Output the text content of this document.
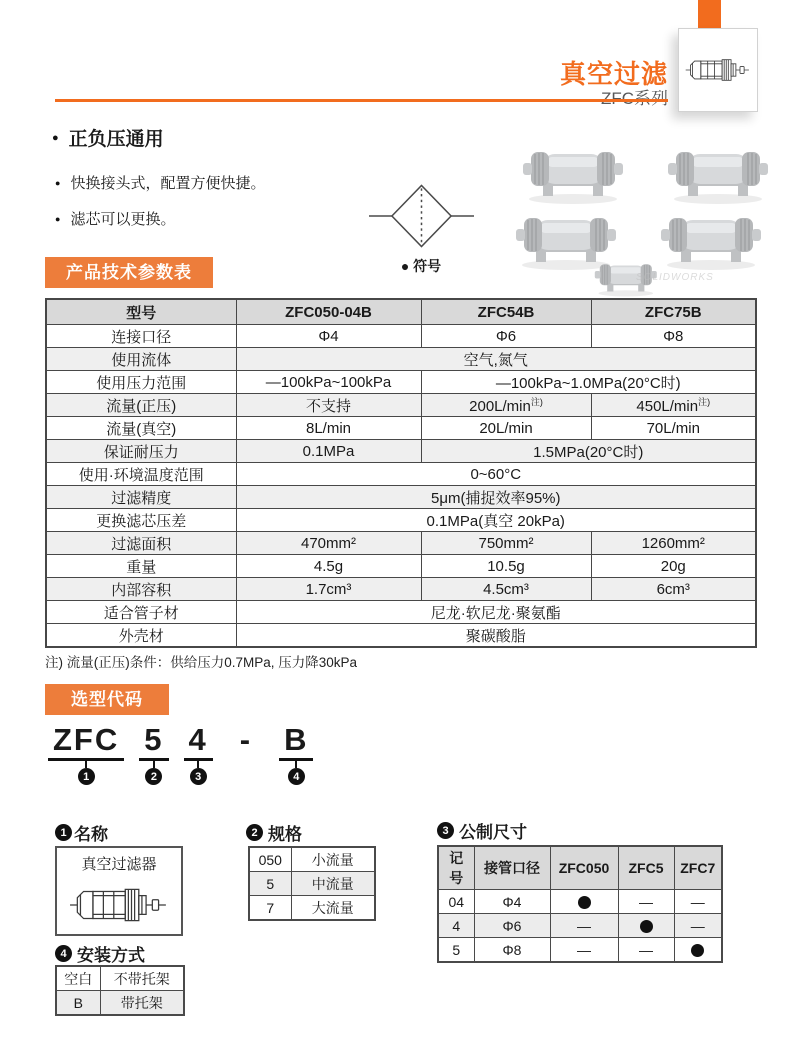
真空过滤
● 正负压通用
● 快换接头式，配置方便快捷。
● 滤芯可以更换。
● 符号
SOLIDWORKS
产品技术参数表
型号	ZFC050-04B	ZFC54B	ZFC75B
连接口径	Φ4	Φ6	Φ8
使用流体	空气,氮气		
使用压力范围	—100kPa~100kPa	—100kPa~1.0MPa(20°C时)	
流量(正压)	不支持	$200L/\min^{注)}$	$450L/\min^{注)}$
流量(真空)	8L/min	20L/min	70L/min
保证耐压力	0.1MPa	1.5MPa(20°C时)	
使用·环境温度范围	0~60°C		
过滤精度	5μm(捕捉效率95%)		
更换滤芯压差	0.1MPa(真空 20kPa)		
过滤面积	470mm²	750mm²	1260mm²
重量	4.5g	10.5g	20g
内部容积	1.7cm³	4.5cm³	6cm³
适合管子材	尼龙·软尼龙·聚氨酯		
外壳材	聚碳酸脂		
注) 流量(正压)条件：供给压力0.7MPa, 压力降30kPa
选型代码
ZFC
1
5
2
4
3
- B
4
1 名称
真空过滤器
2 规格
050	小流量
5	中流量
7	大流量
3 公制尺寸
记号	接管口径	ZFC050	ZFC5	ZFC7
04	Φ4		—	—
4	Φ6	—		—
5	Φ8	—	—	
4 安装方式
空白	不带托架
B	带托架
